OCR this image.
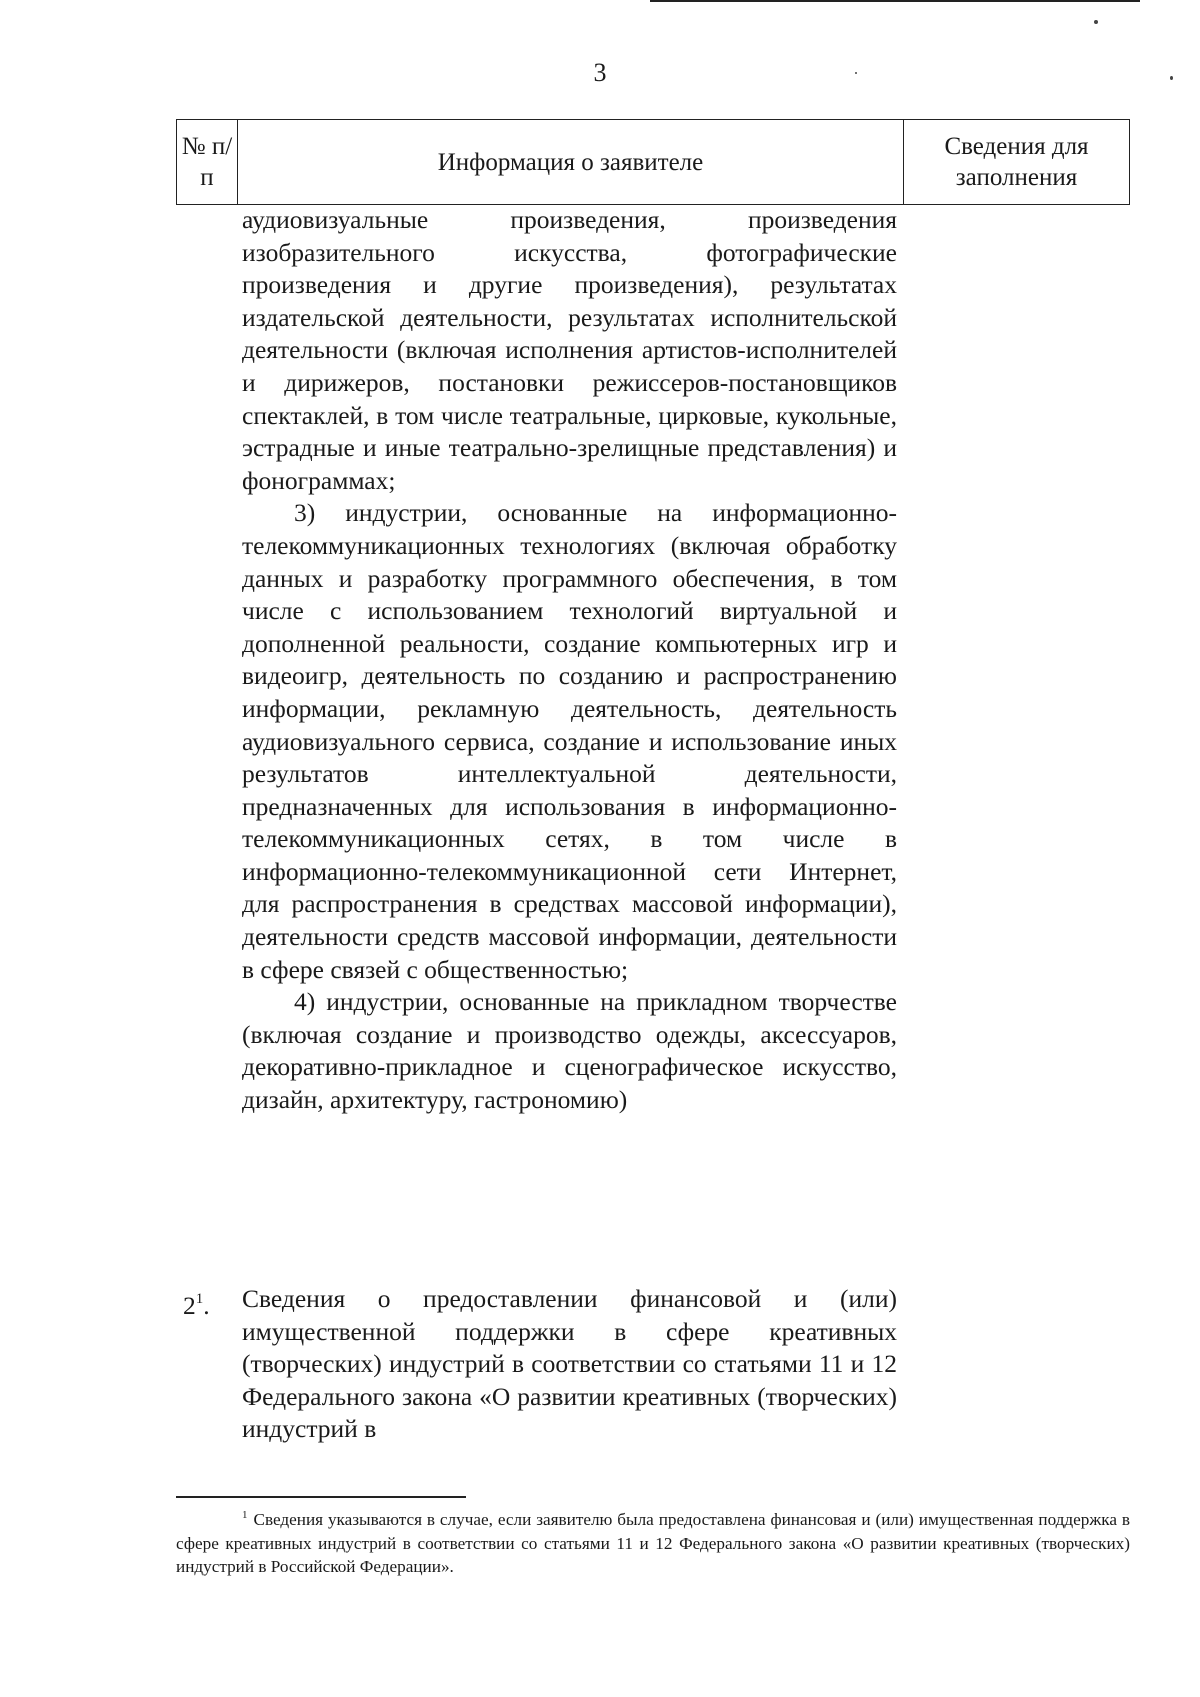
3
№ п/п	Информация о заявителе	Сведения для заполнения

аудиовизуальные произведения, произведения изобразительного искусства, фотографические произведения и другие произведения), результатах издательской деятельности, результатах исполнительской деятельности (включая исполнения артистов-исполнителей и дирижеров, постановки режиссеров-постановщиков спектаклей, в том числе театральные, цирковые, кукольные, эстрадные и иные театрально-зрелищные представления) и фонограммах;

3) индустрии, основанные на информационно-телекоммуникационных технологиях (включая обработку данных и разработку программного обеспечения, в том числе с использованием технологий виртуальной и дополненной реальности, создание компьютерных игр и видеоигр, деятельность по созданию и распространению информации, рекламную деятельность, деятельность аудиовизуального сервиса, создание и использование иных результатов интеллектуальной деятельности, предназначенных для использования в информационно-телекоммуникационных сетях, в том числе в информационно-телекоммуникационной сети Интернет, для распространения в средствах массовой информации), деятельности средств массовой информации, деятельности в сфере связей с общественностью;

4) индустрии, основанные на прикладном творчестве (включая создание и производство одежды, аксессуаров, декоративно-прикладное и сценографическое искусство, дизайн, архитектуру, гастрономию)

$2^1$. Сведения о предоставлении финансовой и (или) имущественной поддержки в сфере креативных (творческих) индустрий в соответствии со статьями 11 и 12 Федерального закона «О развитии креативных (творческих) индустрий в

$^1$ Сведения указываются в случае, если заявителю была предоставлена финансовая и (или) имущественная поддержка в сфере креативных индустрий в соответствии со статьями 11 и 12 Федерального закона «О развитии креативных (творческих) индустрий в Российской Федерации».
